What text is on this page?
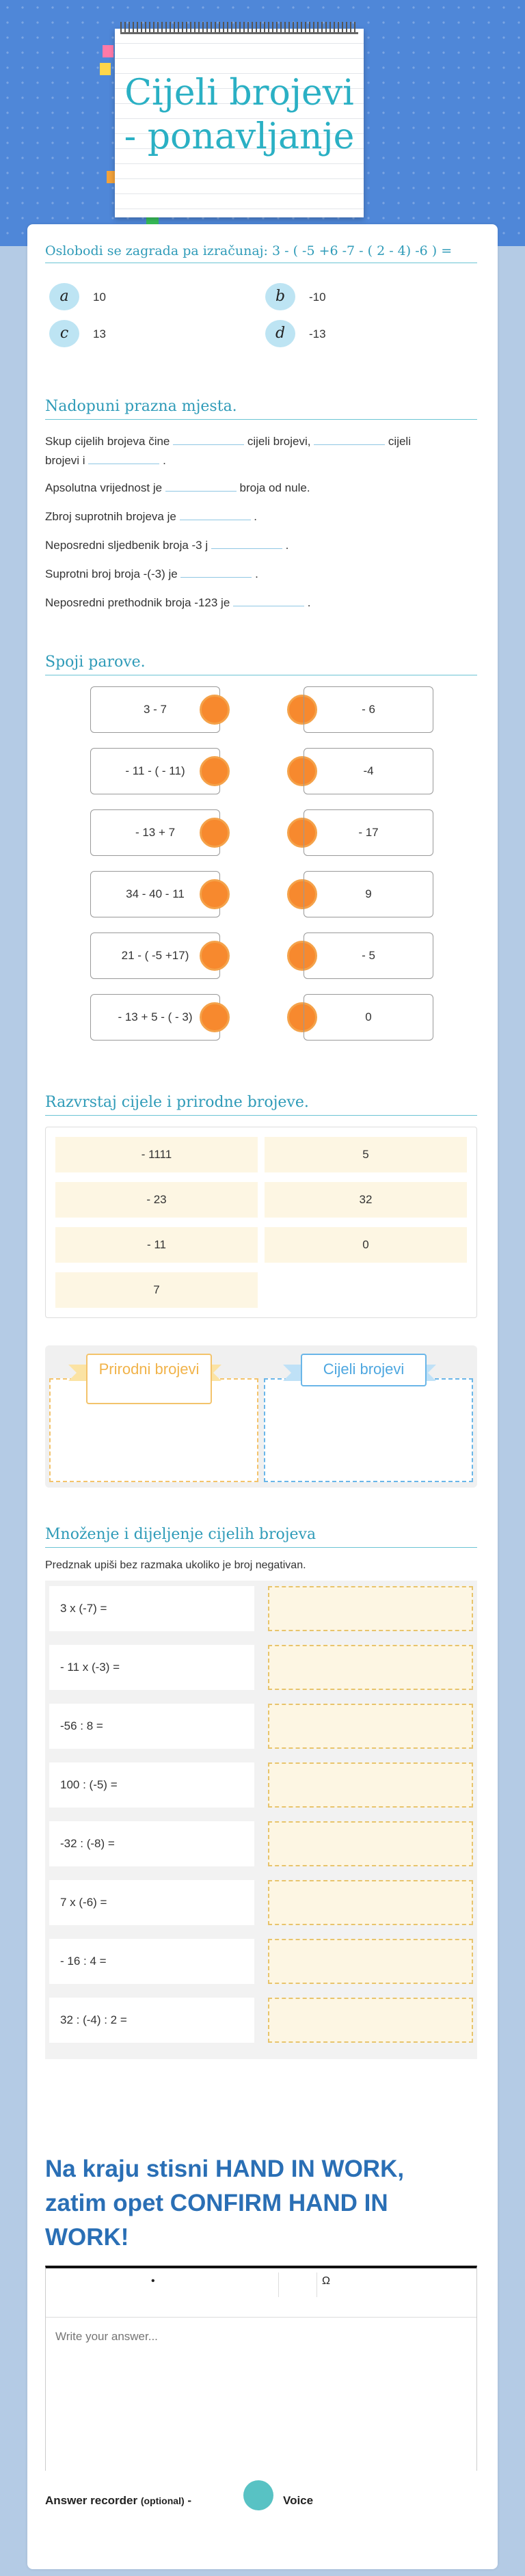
Cijeli brojevi - ponavljanje
Oslobodi se zagrada pa izračunaj: 3 - ( -5 +6 -7 - ( 2 - 4) -6 ) =
a	10	b	-10
c	13	d	-13
Nadopuni prazna mjesta.
Skup cijelih brojeva čine	cijeli brojevi,	cijeli
brojevi i	.
Apsolutna vrijednost je	broja od nule.
Zbroj suprotnih brojeva je	.
Neposredni sljedbenik broja -3 j	.
Suprotni broj broja -(-3) je	.
Neposredni prethodnik broja -123 je	.
Spoji parove.
3 - 7
- 11 - ( - 11)
- 13 + 7
34 - 40 - 11
21 - ( -5 +17)
- 13 + 5 - ( - 3)
- 6
-4
- 17
9
- 5
0
Razvrstaj cijele i prirodne brojeve.
- 1111	5
- 23	32
- 11	0
7
Prirodni brojevi	Cijeli brojevi
Množenje i dijeljenje cijelih brojeva
Predznak upiši bez razmaka ukoliko je broj negativan.
3 x (-7) =
- 11 x (-3) =
-56 : 8 =
100 : (-5) =
-32 : (-8) =
7 x (-6) =
- 16 : 4 =
32 : (-4) : 2 =
Na kraju stisni HAND IN WORK, zatim opet CONFIRM HAND IN WORK!
•	Ω
Write your answer...
Answer recorder (optional) -	Voice
